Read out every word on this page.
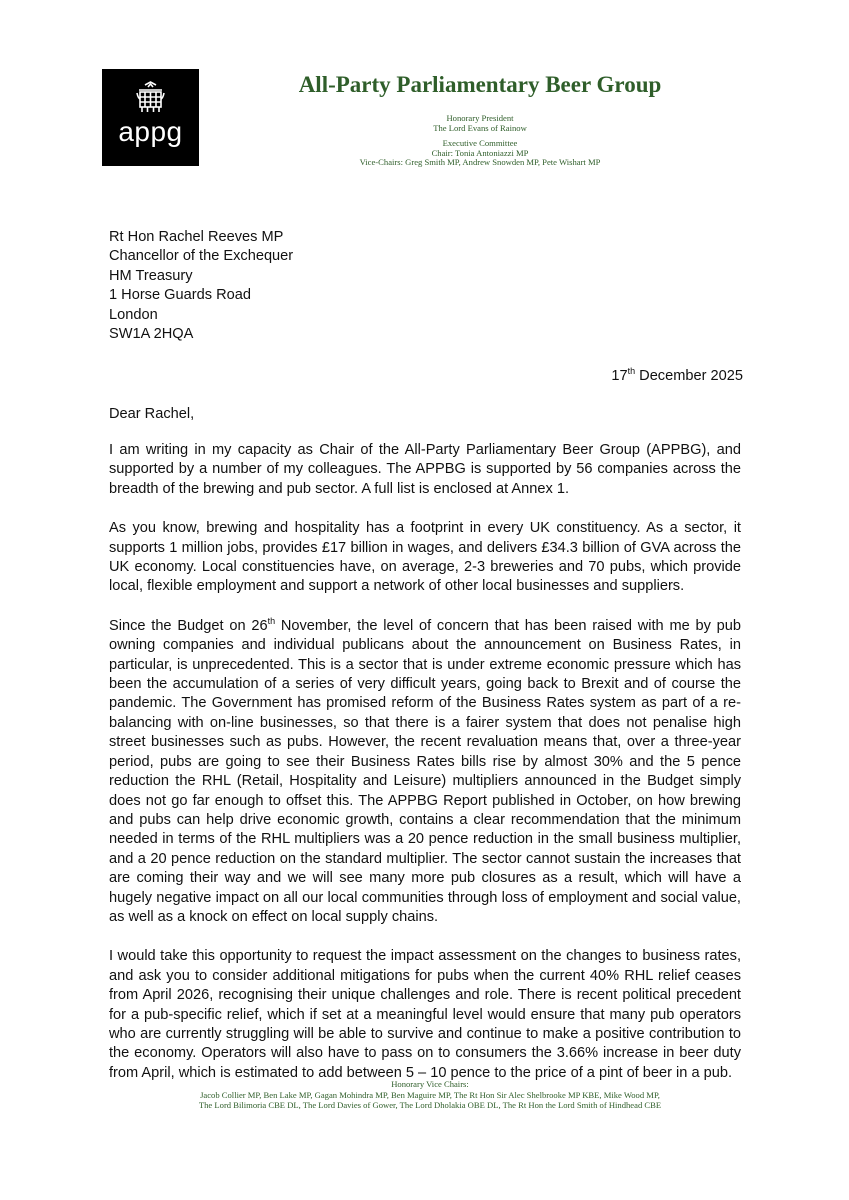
appg
All-Party Parliamentary Beer Group
Honorary President
The Lord Evans of Rainow
Executive Committee
Chair: Tonia Antoniazzi MP
Vice-Chairs: Greg Smith MP, Andrew Snowden MP, Pete Wishart MP
Rt Hon Rachel Reeves MP
Chancellor of the Exchequer
HM Treasury
1 Horse Guards Road
London
SW1A 2HQA
17th December 2025
Dear Rachel,

I am writing in my capacity as Chair of the All-Party Parliamentary Beer Group (APPBG), and supported by a number of my colleagues. The APPBG is supported by 56 companies across the breadth of the brewing and pub sector. A full list is enclosed at Annex 1.

As you know, brewing and hospitality has a footprint in every UK constituency. As a sector, it supports 1 million jobs, provides £17 billion in wages, and delivers £34.3 billion of GVA across the UK economy. Local constituencies have, on average, 2-3 breweries and 70 pubs, which provide local, flexible employment and support a network of other local businesses and suppliers.

Since the Budget on 26th November, the level of concern that has been raised with me by pub owning companies and individual publicans about the announcement on Business Rates, in particular, is unprecedented. This is a sector that is under extreme economic pressure which has been the accumulation of a series of very difficult years, going back to Brexit and of course the pandemic. The Government has promised reform of the Business Rates system as part of a re-balancing with on-line businesses, so that there is a fairer system that does not penalise high street businesses such as pubs. However, the recent revaluation means that, over a three-year period, pubs are going to see their Business Rates bills rise by almost 30% and the 5 pence reduction the RHL (Retail, Hospitality and Leisure) multipliers announced in the Budget simply does not go far enough to offset this. The APPBG Report published in October, on how brewing and pubs can help drive economic growth, contains a clear recommendation that the minimum needed in terms of the RHL multipliers was a 20 pence reduction in the small business multiplier, and a 20 pence reduction on the standard multiplier. The sector cannot sustain the increases that are coming their way and we will see many more pub closures as a result, which will have a hugely negative impact on all our local communities through loss of employment and social value, as well as a knock on effect on local supply chains.

I would take this opportunity to request the impact assessment on the changes to business rates, and ask you to consider additional mitigations for pubs when the current 40% RHL relief ceases from April 2026, recognising their unique challenges and role. There is recent political precedent for a pub-specific relief, which if set at a meaningful level would ensure that many pub operators who are currently struggling will be able to survive and continue to make a positive contribution to the economy. Operators will also have to pass on to consumers the 3.66% increase in beer duty from April, which is estimated to add between 5 – 10 pence to the price of a pint of beer in a pub.

Honorary Vice Chairs:
Jacob Collier MP, Ben Lake MP, Gagan Mohindra MP, Ben Maguire MP, The Rt Hon Sir Alec Shelbrooke MP KBE, Mike Wood MP,
The Lord Bilimoria CBE DL, The Lord Davies of Gower, The Lord Dholakia OBE DL, The Rt Hon the Lord Smith of Hindhead CBE
